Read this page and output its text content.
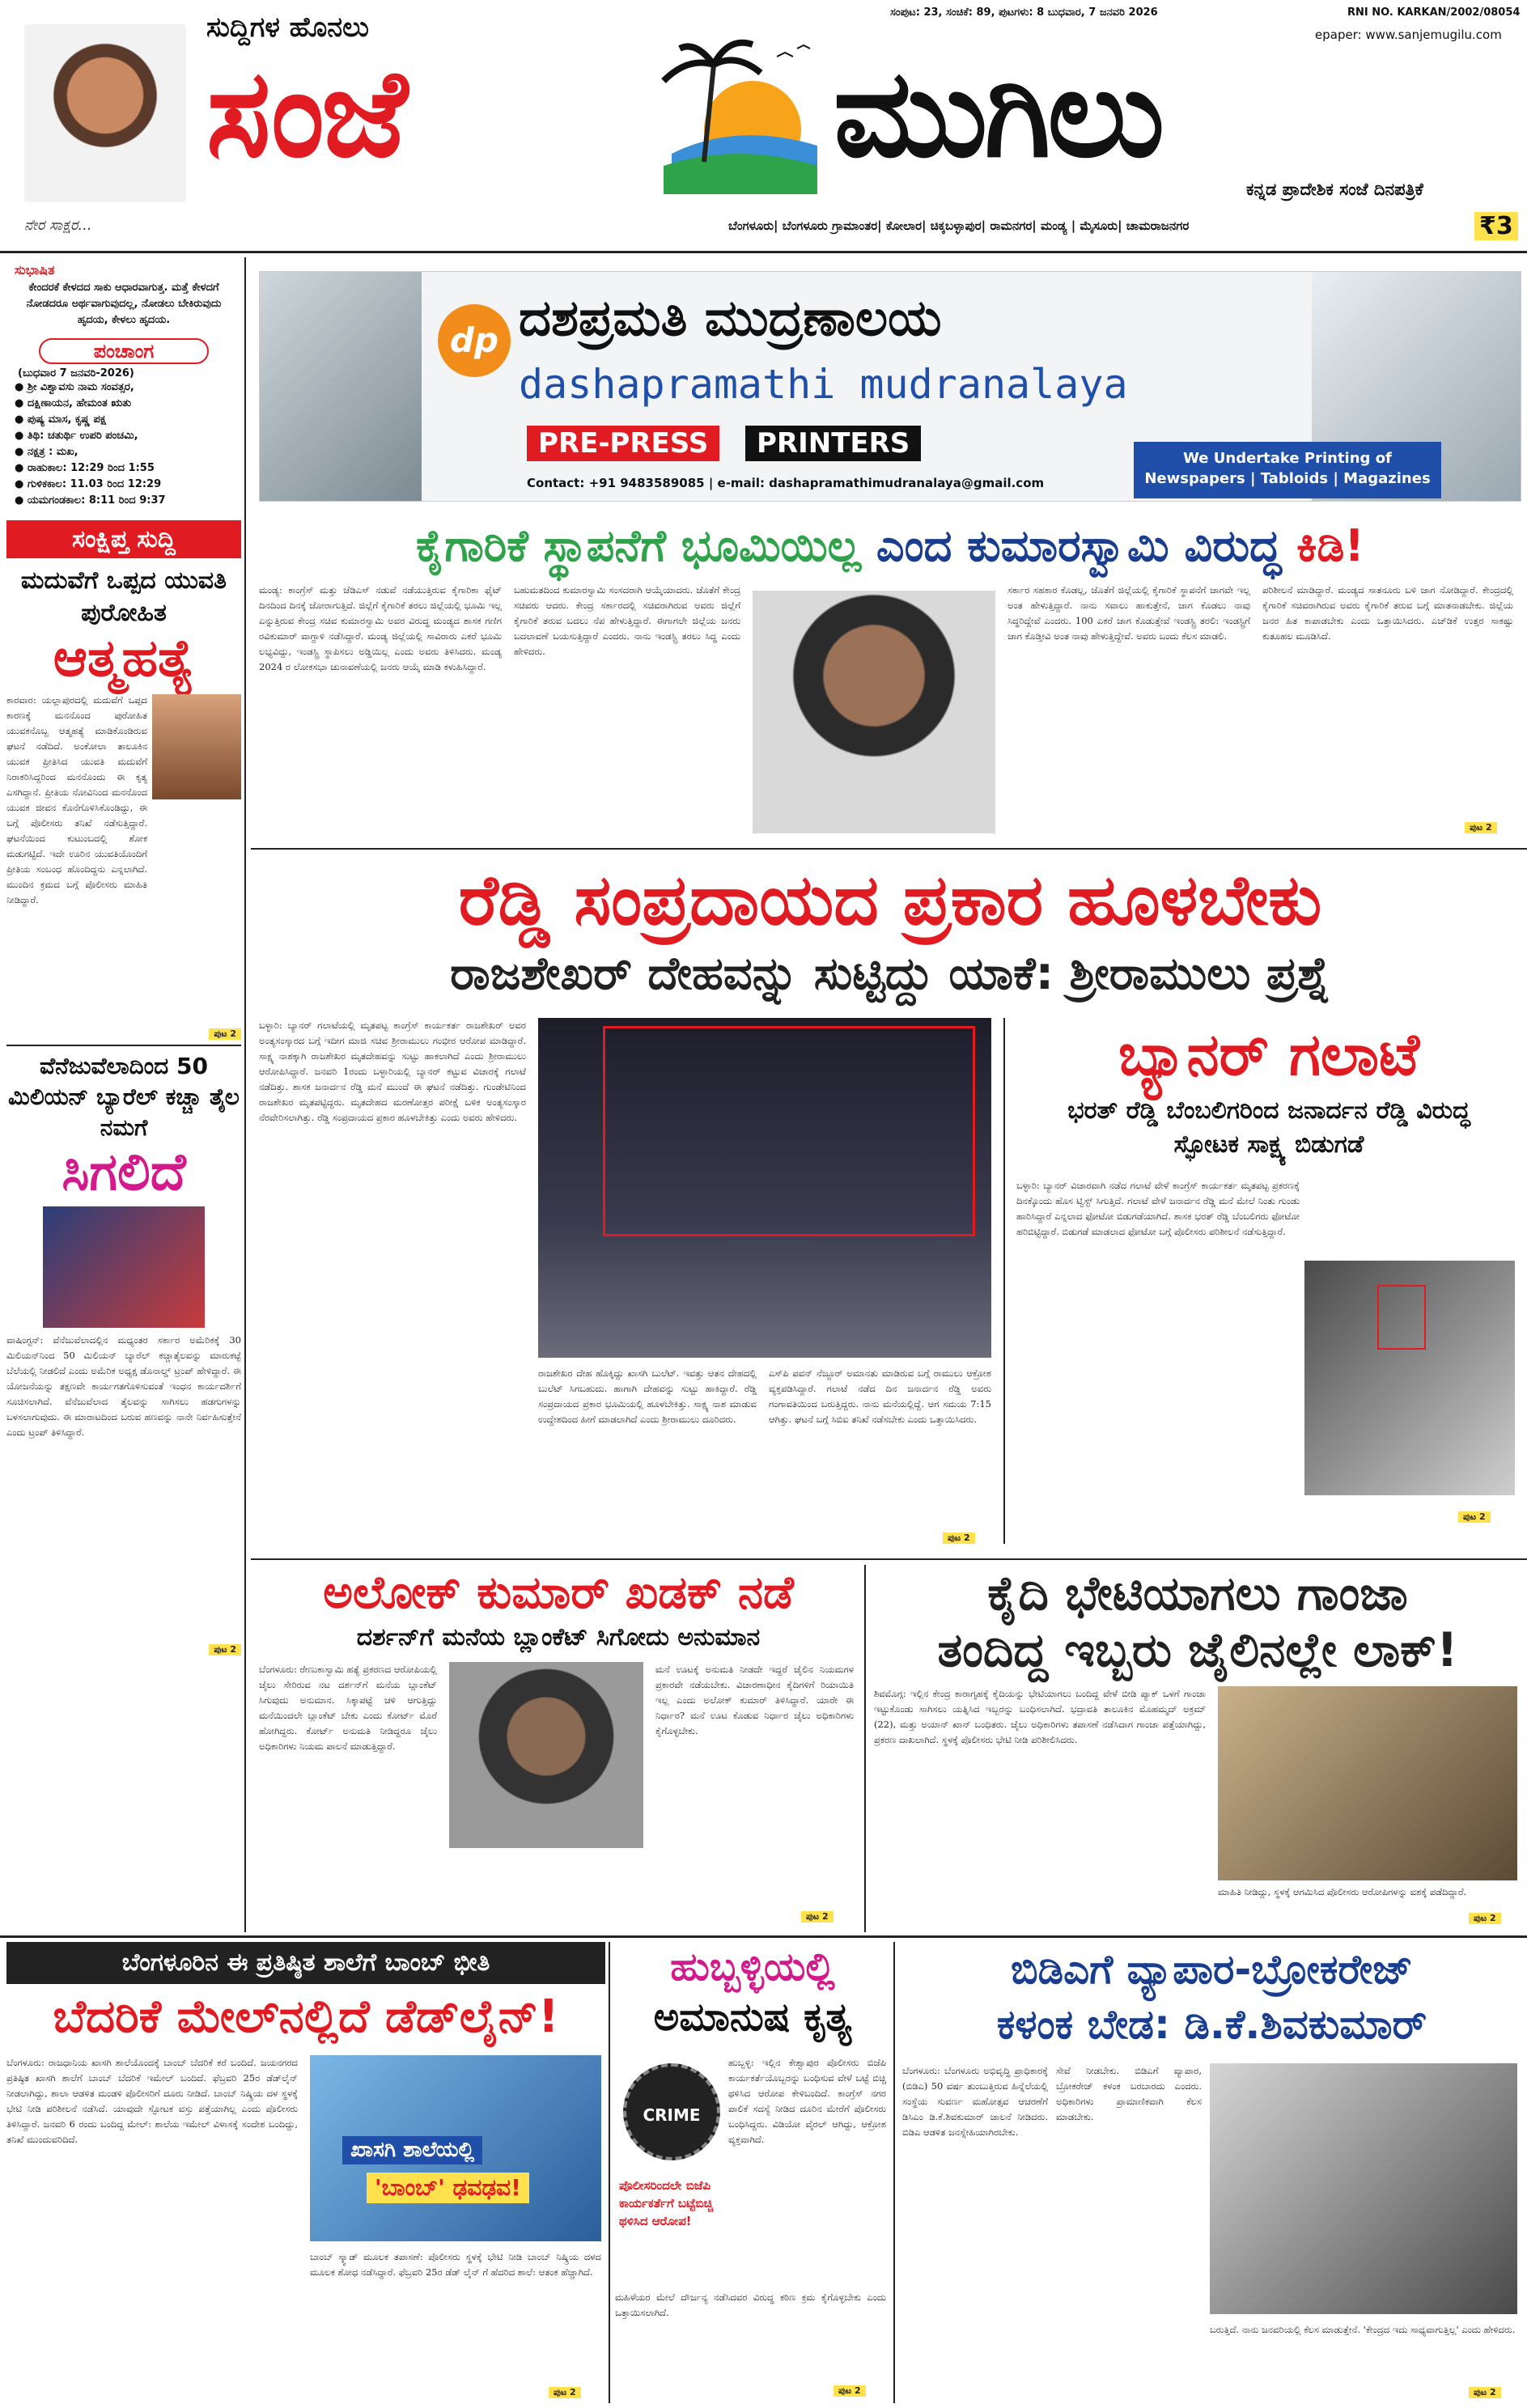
ನೇರ ಸಾಕ್ಷರ...
ಸುದ್ದಿಗಳ ಹೊನಲು
ಸಂಜೆ	ಮುಗಿಲು
ಸಂಪುಟ: 23, ಸಂಚಿಕೆ: 89, ಪುಟಗಳು: 8 ಬುಧವಾರ, 7 ಜನವರಿ 2026	RNI NO. KARKAN/2002/08054
epaper: www.sanjemugilu.com
ಕನ್ನಡ ಪ್ರಾದೇಶಿಕ ಸಂಜೆ ದಿನಪತ್ರಿಕೆ
ಬೆಂಗಳೂರು| ಬೆಂಗಳೂರು ಗ್ರಾಮಾಂತರ| ಕೋಲಾರ| ಚಿಕ್ಕಬಳ್ಳಾಪುರ| ರಾಮನಗರ| ಮಂಡ್ಯ | ಮೈಸೂರು| ಚಾಮರಾಜನಗರ	₹3
ಸುಭಾಷಿತ
ಕೇಂದರಕೆ ಕೇಳದದ ಸಾಕು ಆಧಾರವಾಗುತ್ತ. ಮತ್ತೆ ಕೇಳದಗೆ ನೋಡದರೂ ಅರ್ಥವಾಗುವುದಲ್ಲ, ನೋಡಲು ಬೇಕಿರುವುದು ಹೃದಯ, ಕೇಳಲು ಹೃದಯ.
ಪಂಚಾಂಗ
(ಬುಧವಾರ 7 ಜನವರಿ-2026)
● ಶ್ರೀ ವಿಶ್ವಾವಸು ನಾಮ ಸಂವತ್ಸರ,
● ದಕ್ಷಿಣಾಯನ, ಹೇಮಂತ ಋತು
● ಪುಷ್ಯ ಮಾಸ, ಕೃಷ್ಣ ಪಕ್ಷ
● ತಿಥಿ: ಚತುರ್ಥಿ ಉಪರಿ ಪಂಚಮಿ,
● ನಕ್ಷತ್ರ : ಮಖ,
● ರಾಹುಕಾಲ: 12:29 ರಿಂದ 1:55
● ಗುಳಿಕಕಾಲ: 11.03 ರಿಂದ 12:29
● ಯಮಗಂಡಕಾಲ: 8:11 ರಿಂದ 9:37
ಸಂಕ್ಷಿಪ್ತ ಸುದ್ದಿ
ಮದುವೆಗೆ ಒಪ್ಪದ ಯುವತಿ ಪುರೋಹಿತ
ಆತ್ಮಹತ್ಯೆ
ಕಾರವಾರ: ಯಲ್ಲಾಪುರದಲ್ಲಿ ಮದುವೆಗೆ ಒಪ್ಪದ ಕಾರಣಕ್ಕೆ ಮನನೊಂದ ಪುರೋಹಿತ ಯುವಕನೊಬ್ಬ ಆತ್ಮಹತ್ಯೆ ಮಾಡಿಕೊಂಡಿರುವ ಘಟನೆ ನಡೆದಿದೆ. ಅಂಕೋಲಾ ತಾಲೂಕಿನ ಯುವಕ ಪ್ರೀತಿಸಿದ ಯುವತಿ ಮದುವೆಗೆ ನಿರಾಕರಿಸಿದ್ದರಿಂದ ಮನನೊಂದು ಈ ಕೃತ್ಯ ಎಸಗಿದ್ದಾನೆ. ಪ್ರೀತಿಯ ನೋವಿನಿಂದ ಮನನೊಂದ ಯುವಕ ಜೀವನ ಕೊನೆಗೊಳಿಸಿಕೊಂಡಿದ್ದು, ಈ ಬಗ್ಗೆ ಪೊಲೀಸರು ತನಿಖೆ ನಡೆಸುತ್ತಿದ್ದಾರೆ. ಘಟನೆಯಿಂದ ಕುಟುಂಬದಲ್ಲಿ ಶೋಕ ಮಡುಗಟ್ಟಿದೆ. ಇದೇ ಊರಿನ ಯುವತಿಯೊಂದಿಗೆ ಪ್ರೀತಿಯ ಸಂಬಂಧ ಹೊಂದಿದ್ದನು ಎನ್ನಲಾಗಿದೆ. ಮುಂದಿನ ಕ್ರಮದ ಬಗ್ಗೆ ಪೊಲೀಸರು ಮಾಹಿತಿ ನೀಡಿದ್ದಾರೆ.
ಪುಟ 2
ವೆನೆಜುವೆಲಾದಿಂದ 50 ಮಿಲಿಯನ್ ಬ್ಯಾರೆಲ್ ಕಚ್ಚಾ ತೈಲ ನಮಗೆ
ಸಿಗಲಿದೆ
ವಾಷಿಂಗ್ಟನ್: ವೆನೆಜುವೆಲಾದಲ್ಲಿನ ಮಧ್ಯಂತರ ಸರ್ಕಾರ ಅಮೆರಿಕಕ್ಕೆ 30 ಮಿಲಿಯನ್‌ನಿಂದ 50 ಮಿಲಿಯನ್ ಬ್ಯಾರೆಲ್ ಕಚ್ಚಾತೈಲವನ್ನು ಮಾರುಕಟ್ಟೆ ಬೆಲೆಯಲ್ಲಿ ನೀಡಲಿದೆ ಎಂದು ಅಮೆರಿಕ ಅಧ್ಯಕ್ಷ ಡೊನಾಲ್ಡ್ ಟ್ರಂಪ್ ಹೇಳಿದ್ದಾರೆ. ಈ ಯೋಜನೆಯನ್ನು ತಕ್ಷಣವೇ ಕಾರ್ಯಗತಗೊಳಿಸುವಂತೆ ಇಂಧನ ಕಾರ್ಯದರ್ಶಿಗೆ ಸೂಚಿಸಲಾಗಿದೆ. ವೆನೆಜುವೆಲಾದ ತೈಲವನ್ನು ಸಾಗಿಸಲು ಹಡಗುಗಳನ್ನು ಬಳಸಲಾಗುವುದು. ಈ ಮಾರಾಟದಿಂದ ಬರುವ ಹಣವನ್ನು ನಾನೇ ನಿರ್ವಹಿಸುತ್ತೇನೆ ಎಂದು ಟ್ರಂಪ್ ತಿಳಿಸಿದ್ದಾರೆ.
ಪುಟ 2
dp ದಶಪ್ರಮತಿ ಮುದ್ರಣಾಲಯ
dashapramathi mudranalaya
PRE-PRESS	PRINTERS
Contact: +91 9483589085 | e-mail: dashapramathimudranalaya@gmail.com
We Undertake Printing of
Newspapers | Tabloids | Magazines
ಕೈಗಾರಿಕೆ ಸ್ಥಾಪನೆಗೆ ಭೂಮಿಯಿಲ್ಲ ಎಂದ ಕುಮಾರಸ್ವಾಮಿ ವಿರುದ್ಧ ಕಿಡಿ!
ಮಂಡ್ಯ: ಕಾಂಗ್ರೆಸ್ ಮತ್ತು ಜೆಡಿಎಸ್ ನಡುವೆ ನಡೆಯುತ್ತಿರುವ ಕೈಗಾರಿಕಾ ಫೈಟ್ ದಿನದಿಂದ ದಿನಕ್ಕೆ ಜೋರಾಗುತ್ತಿದೆ. ಜಿಲ್ಲೆಗೆ ಕೈಗಾರಿಕೆ ತರಲು ಜಿಲ್ಲೆಯಲ್ಲಿ ಭೂಮಿ ಇಲ್ಲ ಎನ್ನುತ್ತಿರುವ ಕೇಂದ್ರ ಸಚಿವ ಕುಮಾರಸ್ವಾಮಿ ಅವರ ವಿರುದ್ಧ ಮಂಡ್ಯದ ಶಾಸಕ ಗಣಿಗ ರವಿಕುಮಾರ್ ವಾಗ್ದಾಳಿ ನಡೆಸಿದ್ದಾರೆ. ಮಂಡ್ಯ ಜಿಲ್ಲೆಯಲ್ಲಿ ಸಾವಿರಾರು ಎಕರೆ ಭೂಮಿ ಲಭ್ಯವಿದ್ದು, ಇಂಡಸ್ಟ್ರಿ ಸ್ಥಾಪಿಸಲು ಅಡ್ಡಿಯಿಲ್ಲ ಎಂದು ಅವರು ತಿಳಿಸಿದರು. ಮಂಡ್ಯ 2024 ರ ಲೋಕಸಭಾ ಚುನಾವಣೆಯಲ್ಲಿ ಜನರು ಆಯ್ಕೆ ಮಾಡಿ ಕಳುಹಿಸಿದ್ದಾರೆ.
ಬಹುಮತದಿಂದ ಕುಮಾರಸ್ವಾಮಿ ಸಂಸದರಾಗಿ ಆಯ್ಕೆಯಾದರು. ಜೊತೆಗೆ ಕೇಂದ್ರ ಸಚಿವರು ಆದರು. ಕೇಂದ್ರ ಸರ್ಕಾರದಲ್ಲಿ ಸಚಿವರಾಗಿರುವ ಅವರು ಜಿಲ್ಲೆಗೆ ಕೈಗಾರಿಕೆ ತರುವ ಬದಲು ನೆಪ ಹೇಳುತ್ತಿದ್ದಾರೆ. ಈಗಾಗಲೇ ಜಿಲ್ಲೆಯ ಜನರು ಬದಲಾವಣೆ ಬಯಸುತ್ತಿದ್ದಾರೆ ಎಂದರು. ನಾನು ಇಂಡಸ್ಟ್ರಿ ತರಲು ಸಿದ್ಧ ಎಂದು ಹೇಳಿದರು.
ಸರ್ಕಾರ ಸಹಕಾರ ಕೊಡಲ್ಲ, ಜೊತೆಗೆ ಜಿಲ್ಲೆಯಲ್ಲಿ ಕೈಗಾರಿಕೆ ಸ್ಥಾಪನೆಗೆ ಜಾಗವೇ ಇಲ್ಲ ಅಂತ ಹೇಳುತ್ತಿದ್ದಾರೆ. ನಾನು ಸವಾಲು ಹಾಕುತ್ತೇನೆ, ಜಾಗ ಕೊಡಲು ನಾವು ಸಿದ್ಧರಿದ್ದೇವೆ ಎಂದರು. 100 ಎಕರೆ ಜಾಗ ಕೊಡುತ್ತೇವೆ ಇಂಡಸ್ಟ್ರಿ ತರಲಿ: ಇಂಡಸ್ಟ್ರಿಗೆ ಜಾಗ ಕೊಡ್ತೀವಿ ಅಂತ ನಾವು ಹೇಳುತ್ತಿದ್ದೇವೆ. ಅವರು ಬಂದು ಕೆಲಸ ಮಾಡಲಿ.
ಪರಿಶೀಲನೆ ಮಾಡಿದ್ದಾರೆ. ಮಂಡ್ಯದ ಸಾತನೂರು ಬಳಿ ಜಾಗ ನೋಡಿದ್ದಾರೆ. ಕೇಂದ್ರದಲ್ಲಿ ಕೈಗಾರಿಕೆ ಸಚಿವರಾಗಿರುವ ಅವರು ಕೈಗಾರಿಕೆ ತರುವ ಬಗ್ಗೆ ಮಾತನಾಡಬೇಕು. ಜಿಲ್ಲೆಯ ಜನರ ಹಿತ ಕಾಪಾಡಬೇಕು ಎಂದು ಒತ್ತಾಯಿಸಿದರು. ಎಚ್‌ಡಿಕೆ ಉತ್ತರ ಸಾಕಷ್ಟು ಕುತೂಹಲ ಮೂಡಿಸಿದೆ.
ಪುಟ 2
ರೆಡ್ಡಿ ಸಂಪ್ರದಾಯದ ಪ್ರಕಾರ ಹೂಳಬೇಕು
ರಾಜಶೇಖರ್ ದೇಹವನ್ನು ಸುಟ್ಟಿದ್ದು ಯಾಕೆ: ಶ್ರೀರಾಮುಲು ಪ್ರಶ್ನೆ
ಬಳ್ಳಾರಿ: ಬ್ಯಾನರ್ ಗಲಾಟೆಯಲ್ಲಿ ಮೃತಪಟ್ಟ ಕಾಂಗ್ರೆಸ್ ಕಾರ್ಯಕರ್ತ ರಾಜಶೇಖರ್ ಅವರ ಅಂತ್ಯಸಂಸ್ಕಾರದ ಬಗ್ಗೆ ಇದೀಗ ಮಾಜಿ ಸಚಿವ ಶ್ರೀರಾಮುಲು ಗಂಭೀರ ಆರೋಪ ಮಾಡಿದ್ದಾರೆ. ಸಾಕ್ಷ್ಯ ನಾಶಕ್ಕಾಗಿ ರಾಜಶೇಖರ ಮೃತದೇಹವನ್ನು ಸುಟ್ಟು ಹಾಕಲಾಗಿದೆ ಎಂದು ಶ್ರೀರಾಮುಲು ಆರೋಪಿಸಿದ್ದಾರೆ. ಜನವರಿ 1ರಂದು ಬಳ್ಳಾರಿಯಲ್ಲಿ ಬ್ಯಾನರ್ ಕಟ್ಟುವ ವಿಚಾರಕ್ಕೆ ಗಲಾಟೆ ನಡೆದಿತ್ತು. ಶಾಸಕ ಜನಾರ್ದನ ರೆಡ್ಡಿ ಮನೆ ಮುಂದೆ ಈ ಘಟನೆ ನಡೆದಿತ್ತು. ಗುಂಡೇಟಿನಿಂದ ರಾಜಶೇಖರ ಮೃತಪಟ್ಟಿದ್ದರು. ಮೃತದೇಹದ ಮರಣೋತ್ತರ ಪರೀಕ್ಷೆ ಬಳಿಕ ಅಂತ್ಯಸಂಸ್ಕಾರ ನೆರವೇರಿಸಲಾಗಿತ್ತು. ರೆಡ್ಡಿ ಸಂಪ್ರದಾಯದ ಪ್ರಕಾರ ಹೂಳಬೇಕಿತ್ತು ಎಂದು ಅವರು ಹೇಳಿದರು.
ರಾಜಶೇಖರ ದೇಹ ಹೊಕ್ಕಿದ್ದು ಖಾಸಗಿ ಬುಲೆಟ್. ಇವತ್ತು ಆತನ ದೇಹದಲ್ಲಿ ಬುಲೆಟ್ ಸಿಗಬಹುದು. ಹಾಗಾಗಿ ದೇಹವನ್ನು ಸುಟ್ಟು ಹಾಕಿದ್ದಾರೆ. ರೆಡ್ಡಿ ಸಂಪ್ರದಾಯದ ಪ್ರಕಾರ ಭೂಮಿಯಲ್ಲಿ ಹೂಳಬೇಕಿತ್ತು. ಸಾಕ್ಷ್ಯ ನಾಶ ಮಾಡುವ ಉದ್ದೇಶದಿಂದ ಹೀಗೆ ಮಾಡಲಾಗಿದೆ ಎಂದು ಶ್ರೀರಾಮುಲು ದೂರಿದರು.
ಎಸ್‌ಪಿ ಪವನ್ ನೆಜ್ಜೂರ್ ಅಮಾನತು ಮಾಡಿರುವ ಬಗ್ಗೆ ರಾಮುಲು ಆಕ್ರೋಶ ವ್ಯಕ್ತಪಡಿಸಿದ್ದಾರೆ. ಗಲಾಟೆ ನಡೆದ ದಿನ ಜನಾರ್ದನ ರೆಡ್ಡಿ ಅವರು ಗಂಗಾವತಿಯಿಂದ ಬರುತ್ತಿದ್ದರು. ನಾನು ಮನೆಯಲ್ಲಿದ್ದೆ. ಆಗ ಸಮಯ 7:15 ಆಗಿತ್ತು. ಘಟನೆ ಬಗ್ಗೆ ಸಿಬಿಐ ತನಿಖೆ ನಡೆಸಬೇಕು ಎಂದು ಒತ್ತಾಯಿಸಿದರು.
ಪುಟ 2
ಬ್ಯಾನರ್ ಗಲಾಟೆ
ಭರತ್ ರೆಡ್ಡಿ ಬೆಂಬಲಿಗರಿಂದ ಜನಾರ್ದನ ರೆಡ್ಡಿ ವಿರುದ್ಧ ಸ್ಫೋಟಕ ಸಾಕ್ಷ್ಯ ಬಿಡುಗಡೆ
ಬಳ್ಳಾರಿ: ಬ್ಯಾನರ್ ವಿಚಾರವಾಗಿ ನಡೆದ ಗಲಾಟೆ ವೇಳೆ ಕಾಂಗ್ರೆಸ್ ಕಾರ್ಯಕರ್ತ ಮೃತಪಟ್ಟ ಪ್ರಕರಣಕ್ಕೆ ದಿನಕ್ಕೊಂದು ಹೊಸ ಟ್ವಿಸ್ಟ್ ಸಿಗುತ್ತಿದೆ. ಗಲಾಟೆ ವೇಳೆ ಜನಾರ್ದನ ರೆಡ್ಡಿ ಮನೆ ಮೇಲೆ ನಿಂತು ಗುಂಡು ಹಾರಿಸಿದ್ದಾರೆ ಎನ್ನಲಾದ ಫೋಟೋ ಬಿಡುಗಡೆಯಾಗಿದೆ. ಶಾಸಕ ಭರತ್ ರೆಡ್ಡಿ ಬೆಂಬಲಿಗರು ಫೋಟೋ ಹರಿಬಿಟ್ಟಿದ್ದಾರೆ. ಬಿಡುಗಡೆ ಮಾಡಲಾದ ಫೋಟೋ ಬಗ್ಗೆ ಪೊಲೀಸರು ಪರಿಶೀಲನೆ ನಡೆಸುತ್ತಿದ್ದಾರೆ.
ಪುಟ 2
ಅಲೋಕ್ ಕುಮಾರ್ ಖಡಕ್ ನಡೆ
ದರ್ಶನ್‌ಗೆ ಮನೆಯ ಬ್ಲಾಂಕೆಟ್ ಸಿಗೋದು ಅನುಮಾನ
ಬೆಂಗಳೂರು: ರೇಣುಕಾಸ್ವಾಮಿ ಹತ್ಯೆ ಪ್ರಕರಣದ ಆರೋಪಿಯಲ್ಲಿ ಜೈಲು ಸೇರಿರುವ ನಟ ದರ್ಶನ್‌ಗೆ ಮನೆಯ ಬ್ಲಾಂಕೆಟ್ ಸಿಗುವುದು ಅನುಮಾನ. ಸಿಕ್ಕಾಪಟ್ಟೆ ಚಳಿ ಆಗುತ್ತಿದ್ದು ಮನೆಯಿಂದಲೇ ಬ್ಲಾಂಕೆಟ್ ಬೇಕು ಎಂದು ಕೋರ್ಟ್ ಮೊರೆ ಹೋಗಿದ್ದರು. ಕೋರ್ಟ್ ಅನುಮತಿ ನೀಡಿದ್ದರೂ ಜೈಲು ಅಧಿಕಾರಿಗಳು ನಿಯಮ ಪಾಲನೆ ಮಾಡುತ್ತಿದ್ದಾರೆ.
ಮನೆ ಊಟಕ್ಕೆ ಅನುಮತಿ ನೀಡದೇ ಇದ್ದರೆ ಜೈಲಿನ ನಿಯಮಗಳ ಪ್ರಕಾರವೇ ನಡೆಯಬೇಕು. ವಿಚಾರಣಾಧೀನ ಕೈದಿಗಳಿಗೆ ರಿಯಾಯಿತಿ ಇಲ್ಲ ಎಂದು ಅಲೋಕ್ ಕುಮಾರ್ ತಿಳಿಸಿದ್ದಾರೆ. ಯಾರೇ ಈ ನಿರ್ಧಾರ? ಮನೆ ಊಟ ಕೊಡುವ ನಿರ್ಧಾರ ಜೈಲು ಅಧಿಕಾರಿಗಳು ಕೈಗೊಳ್ಳಬೇಕು.
ಪುಟ 2
ಕೈದಿ ಭೇಟಿಯಾಗಲು ಗಾಂಜಾ
ತಂದಿದ್ದ ಇಬ್ಬರು ಜೈಲಿನಲ್ಲೇ ಲಾಕ್!
ಶಿವಮೊಗ್ಗ: ಇಲ್ಲಿನ ಕೇಂದ್ರ ಕಾರಾಗೃಹಕ್ಕೆ ಕೈದಿಯನ್ನು ಭೇಟಿಯಾಗಲು ಬಂದಿದ್ದ ವೇಳೆ ಬೀಡಿ ಪ್ಯಾಕ್ ಒಳಗೆ ಗಾಂಜಾ ಇಟ್ಟುಕೊಂಡು ಸಾಗಿಸಲು ಯತ್ನಿಸಿದ ಇಬ್ಬರನ್ನು ಬಂಧಿಸಲಾಗಿದೆ. ಭದ್ರಾವತಿ ತಾಲೂಕಿನ ಮೊಹಮ್ಮದ್ ಅಕ್ರಮ್ (22), ಮತ್ತು ಅಯಾನ್ ಖಾನ್ ಬಂಧಿತರು. ಜೈಲು ಅಧಿಕಾರಿಗಳು ತಪಾಸಣೆ ನಡೆಸಿದಾಗ ಗಾಂಜಾ ಪತ್ತೆಯಾಗಿದ್ದು, ಪ್ರಕರಣ ದಾಖಲಾಗಿದೆ. ಸ್ಥಳಕ್ಕೆ ಪೊಲೀಸರು ಭೇಟಿ ನೀಡಿ ಪರಿಶೀಲಿಸಿದರು.
ಮಾಹಿತಿ ನೀಡಿದ್ದು, ಸ್ಥಳಕ್ಕೆ ಆಗಮಿಸಿದ ಪೊಲೀಸರು ಆರೋಪಿಗಳನ್ನು ವಶಕ್ಕೆ ಪಡೆದಿದ್ದಾರೆ.
ಪುಟ 2
ಬೆಂಗಳೂರಿನ ಈ ಪ್ರತಿಷ್ಠಿತ ಶಾಲೆಗೆ ಬಾಂಬ್ ಭೀತಿ
ಬೆದರಿಕೆ ಮೇಲ್‌ನಲ್ಲಿದೆ ಡೆಡ್‌ಲೈನ್!
ಬೆಂಗಳೂರು: ರಾಜಧಾನಿಯ ಖಾಸಗಿ ಶಾಲೆಯೊಂದಕ್ಕೆ ಬಾಂಬ್ ಬೆದರಿಕೆ ಕರೆ ಬಂದಿದೆ. ಜಯನಗರದ ಪ್ರತಿಷ್ಠಿತ ಖಾಸಗಿ ಶಾಲೆಗೆ ಬಾಂಬ್ ಬೆದರಿಕೆ ಇಮೇಲ್ ಬಂದಿದೆ. ಫೆಬ್ರವರಿ 25ರ ಡೆಡ್‌ಲೈನ್ ನೀಡಲಾಗಿದ್ದು, ಶಾಲಾ ಆಡಳಿತ ಮಂಡಳಿ ಪೊಲೀಸರಿಗೆ ದೂರು ನೀಡಿದೆ. ಬಾಂಬ್ ನಿಷ್ಕ್ರಿಯ ದಳ ಸ್ಥಳಕ್ಕೆ ಭೇಟಿ ನೀಡಿ ಪರಿಶೀಲನೆ ನಡೆಸಿದೆ. ಯಾವುದೇ ಸ್ಫೋಟಕ ವಸ್ತು ಪತ್ತೆಯಾಗಿಲ್ಲ ಎಂದು ಪೊಲೀಸರು ತಿಳಿಸಿದ್ದಾರೆ. ಜನವರಿ 6 ರಂದು ಬಂದಿದ್ದ ಮೇಲ್: ಶಾಲೆಯ ಇಮೇಲ್ ವಿಳಾಸಕ್ಕೆ ಸಂದೇಶ ಬಂದಿದ್ದು, ತನಿಖೆ ಮುಂದುವರಿದಿದೆ.	ಖಾಸಗಿ ಶಾಲೆಯಲ್ಲಿ
'ಬಾಂಬ್' ಢವಢವ!
ಬಾಂಬ್ ಸ್ಕ್ವಾಡ್ ಮೂಲಕ ತಪಾಸಣೆ: ಪೊಲೀಸರು ಸ್ಥಳಕ್ಕೆ ಭೇಟಿ ನೀಡಿ ಬಾಂಬ್ ನಿಷ್ಕ್ರಿಯ ದಳದ ಮೂಲಕ ಶೋಧ ನಡೆಸಿದ್ದಾರೆ. ಫೆಬ್ರವರಿ 25ರ ಡೆಡ್ ಲೈನ್ ಗೆ ಹೆದರಿದ ಶಾಲೆ: ಆತಂಕ ಹೆಚ್ಚಾಗಿದೆ.
ಪುಟ 2
ಹುಬ್ಬಳ್ಳಿಯಲ್ಲಿ
ಅಮಾನುಷ ಕೃತ್ಯ
CRIME
ಹುಬ್ಬಳ್ಳಿ: ಇಲ್ಲಿನ ಕೇಶ್ವಾಪುರ ಪೊಲೀಸರು ಬಿಜೆಪಿ ಕಾರ್ಯಕರ್ತೆಯೊಬ್ಬರನ್ನು ಬಂಧಿಸುವ ವೇಳೆ ಬಟ್ಟೆ ಬಿಚ್ಚಿ ಥಳಿಸಿದ ಆರೋಪ ಕೇಳಿಬಂದಿದೆ. ಕಾಂಗ್ರೆಸ್ ನಗರ ಪಾಲಿಕೆ ಸದಸ್ಯೆ ನೀಡಿದ ದೂರಿನ ಮೇರೆಗೆ ಪೊಲೀಸರು ಬಂಧಿಸಿದ್ದರು. ವಿಡಿಯೋ ವೈರಲ್ ಆಗಿದ್ದು, ಆಕ್ರೋಶ ವ್ಯಕ್ತವಾಗಿದೆ.
ಪೊಲೀಸರಿಂದಲೇ ಬಿಜೆಪಿ ಕಾರ್ಯಕರ್ತೆಗೆ ಬಟ್ಟೆಬಿಚ್ಚಿ ಥಳಿಸಿದ ಆರೋಪ!
ಮಹಿಳೆಯರ ಮೇಲೆ ದೌರ್ಜನ್ಯ ನಡೆಸಿದವರ ವಿರುದ್ಧ ಕಠಿಣ ಕ್ರಮ ಕೈಗೊಳ್ಳಬೇಕು ಎಂದು ಒತ್ತಾಯಿಸಲಾಗಿದೆ.
ಪುಟ 2
ಬಿಡಿಎಗೆ ವ್ಯಾಪಾರ-ಬ್ರೋಕರೇಜ್
ಕಳಂಕ ಬೇಡ: ಡಿ.ಕೆ.ಶಿವಕುಮಾರ್
ಬೆಂಗಳೂರು: ಬೆಂಗಳೂರು ಅಭಿವೃದ್ಧಿ ಪ್ರಾಧಿಕಾರಕ್ಕೆ (ಬಿಡಿಎ) 50 ವರ್ಷ ತುಂಬುತ್ತಿರುವ ಹಿನ್ನೆಲೆಯಲ್ಲಿ ಸಂಸ್ಥೆಯ ಸುವರ್ಣ ಮಹೋತ್ಸವ ಆಚರಣೆಗೆ ಡಿಸಿಎಂ ಡಿ.ಕೆ.ಶಿವಕುಮಾರ್ ಚಾಲನೆ ನೀಡಿದರು. ಬಿಡಿಎ ಆಡಳಿತ ಜನಸ್ನೇಹಿಯಾಗಿರಬೇಕು.
ಸೇವೆ ನೀಡಬೇಕು. ಬಿಡಿಎಗೆ ವ್ಯಾಪಾರ, ಬ್ರೋಕರೇಜ್ ಕಳಂಕ ಬರಬಾರದು ಎಂದರು. ಅಧಿಕಾರಿಗಳು ಪ್ರಾಮಾಣಿಕವಾಗಿ ಕೆಲಸ ಮಾಡಬೇಕು.
ಬರುತ್ತಿದೆ. ನಾನು ಜನವರಿಯಲ್ಲಿ ಕೆಲಸ ಮಾಡುತ್ತೇನೆ. 'ಕೇಂದ್ರದ ಇದು ಸಾಧ್ಯವಾಗುತ್ತಿಲ್ಲ' ಎಂದು ಹೇಳಿದರು.
ಪುಟ 2
